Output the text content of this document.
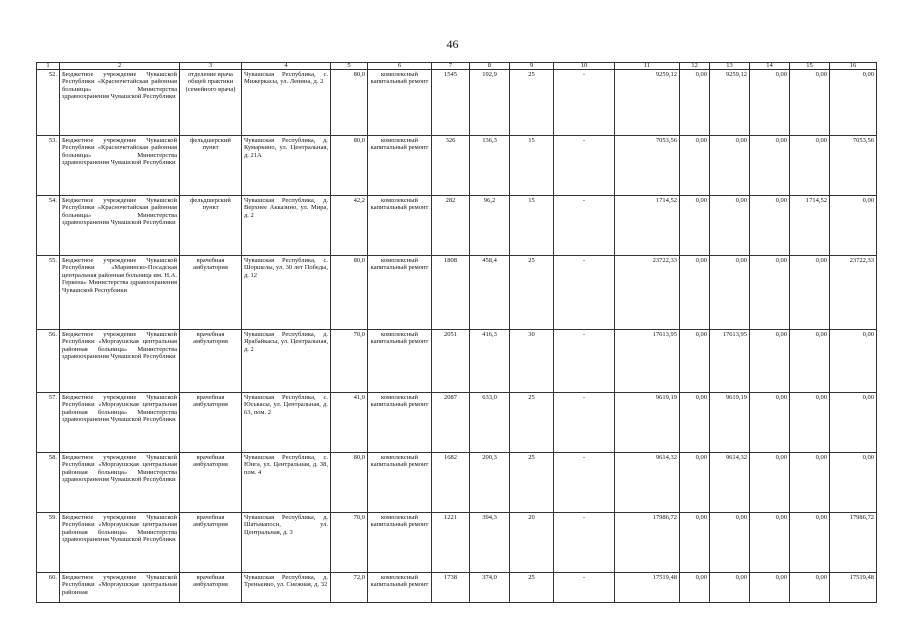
46
1	2	3	4	5	6	7	8	9	10	11	12	13	14	15	16
52.	Бюджетное учреждение Чувашской Республики «Красночетайская районная больница» Министерства здравоохранения Чувашской Республики	отделение врача общей практики (семейного врача)	Чувашская Республика, с. Мижеркасы, ул. Ленина, д. 2	80,0	комплексный капитальный ремонт	1545	192,9	25	-	9259,12	0,00	9259,12	0,00	0,00	0,00
53.	Бюджетное учреждение Чувашской Республики «Красночетайская районная больница» Министерства здравоохранения Чувашской Республики	фельдшерский пункт	Чувашская Республика, д. Кумаркино, ул. Центральная, д. 21А	80,0	комплексный капитальный ремонт	326	136,3	15	-	7053,56	0,00	0,00	0,00	0,00	7053,56
54.	Бюджетное учреждение Чувашской Республики «Красночетайская районная больница» Министерства здравоохранения Чувашской Республики	фельдшерский пункт	Чувашская Республика, д. Верхнее Акказино, ул. Мира, д. 2	42,2	комплексный капитальный ремонт	282	96,2	15	-	1714,52	0,00	0,00	0,00	1714,52	0,00
55.	Бюджетное учреждение Чувашской Республики «Мариинско-Посадская центральная районная больница им. Н.А. Геркена» Министерства здравоохранения Чувашской Республики	врачебная амбулатория	Чувашская Республика, с. Шоршелы, ул. 30 лет Победы, д. 12	80,0	комплексный капитальный ремонт	1808	458,4	25	-	23722,33	0,00	0,00	0,00	0,00	23722,33
56.	Бюджетное учреждение Чувашской Республики «Моргаушская центральная районная больница» Министерства здравоохранения Чувашской Республики	врачебная амбулатория	Чувашская Республика, д. Ярабайкасы, ул. Центральная, д. 2	70,0	комплексный капитальный ремонт	2051	416,3	30	-	17613,95	0,00	17613,95	0,00	0,00	0,00
57.	Бюджетное учреждение Чувашской Республики «Моргаушская центральная районная больница» Министерства здравоохранения Чувашской Республики	врачебная амбулатория	Чувашская Республика, с. Юськасы, ул. Центральная, д. 63, пом. 2	41,0	комплексный капитальный ремонт	2087	633,0	25	-	9619,19	0,00	9619,19	0,00	0,00	0,00
58.	Бюджетное учреждение Чувашской Республики «Моргаушская центральная районная больница» Министерства здравоохранения Чувашской Республики	врачебная амбулатория	Чувашская Республика, с. Юнга, ул. Центральная, д. 38, пом. 4	80,0	комплексный капитальный ремонт	1682	200,3	25	-	9614,32	0,00	9614,32	0,00	0,00	0,00
59.	Бюджетное учреждение Чувашской Республики «Моргаушская центральная районная больница» Министерства здравоохранения Чувашской Республики	врачебная амбулатория	Чувашская Республика, д. Шатьмапоси, ул. Центральная, д. 3	70,0	комплексный капитальный ремонт	1221	394,3	20	-	17986,72	0,00	0,00	0,00	0,00	17986,72
60.	Бюджетное учреждение Чувашской Республики «Моргаушская центральная районная	врачебная амбулатория	Чувашская Республика, д. Тренькино, ул. Снежная, д. 32	72,0	комплексный капитальный ремонт	1738	374,0	25	-	17519,48	0,00	0,00	0,00	0,00	17519,48
